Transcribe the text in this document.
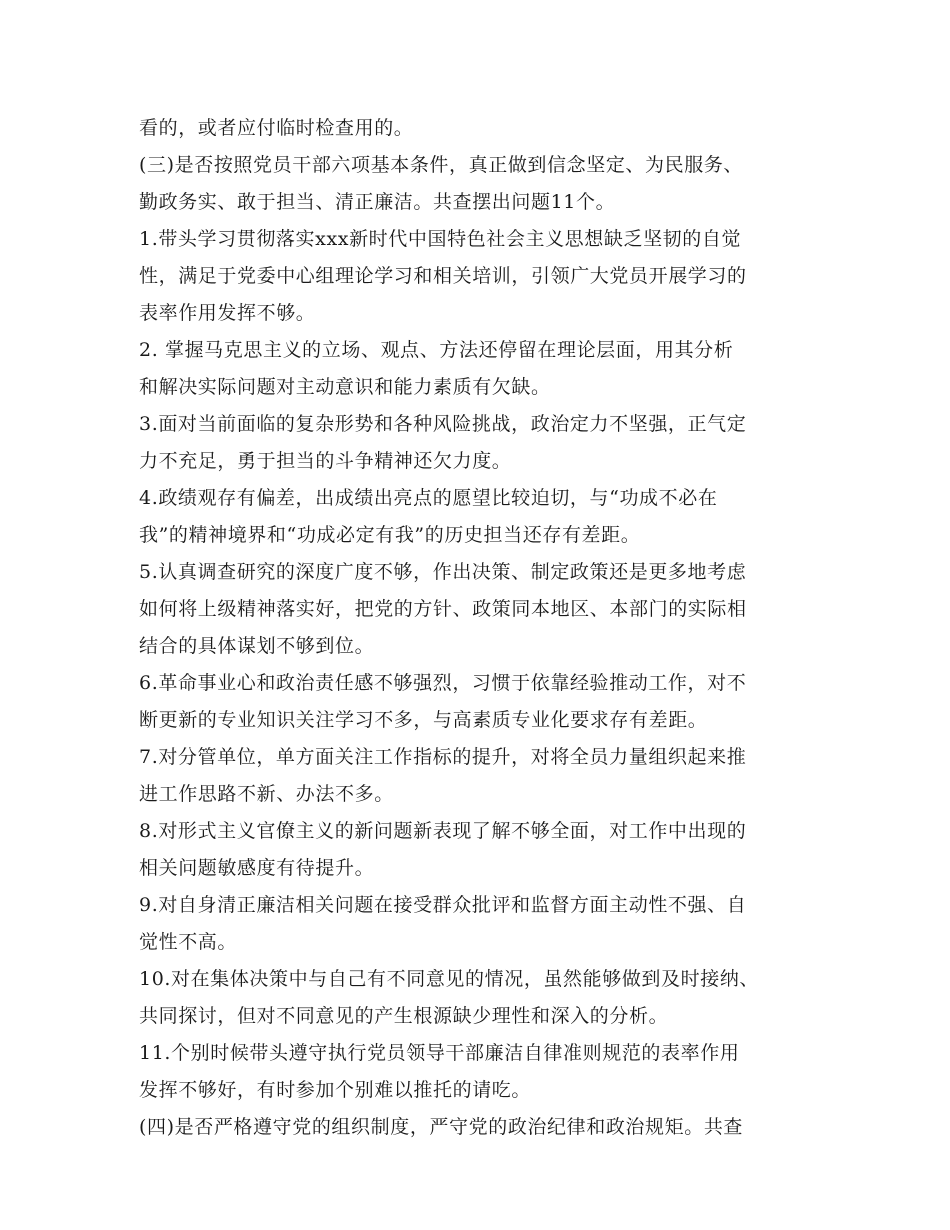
看的，或者应付临时检查用的。
(三)是否按照党员干部六项基本条件，真正做到信念坚定、为民服务、
勤政务实、敢于担当、清正廉洁。共查摆出问题11个。
1.带头学习贯彻落实xxx新时代中国特色社会主义思想缺乏坚韧的自觉
性，满足于党委中心组理论学习和相关培训，引领广大党员开展学习的
表率作用发挥不够。
2. 掌握马克思主义的立场、观点、方法还停留在理论层面，用其分析
和解决实际问题对主动意识和能力素质有欠缺。
3.面对当前面临的复杂形势和各种风险挑战，政治定力不坚强，正气定
力不充足，勇于担当的斗争精神还欠力度。
4.政绩观存有偏差，出成绩出亮点的愿望比较迫切，与“功成不必在
我”的精神境界和“功成必定有我”的历史担当还存有差距。
5.认真调查研究的深度广度不够，作出决策、制定政策还是更多地考虑
如何将上级精神落实好，把党的方针、政策同本地区、本部门的实际相
结合的具体谋划不够到位。
6.革命事业心和政治责任感不够强烈，习惯于依靠经验推动工作，对不
断更新的专业知识关注学习不多，与高素质专业化要求存有差距。
7.对分管单位，单方面关注工作指标的提升，对将全员力量组织起来推
进工作思路不新、办法不多。
8.对形式主义官僚主义的新问题新表现了解不够全面，对工作中出现的
相关问题敏感度有待提升。
9.对自身清正廉洁相关问题在接受群众批评和监督方面主动性不强、自
觉性不高。
10.对在集体决策中与自己有不同意见的情况，虽然能够做到及时接纳、
共同探讨，但对不同意见的产生根源缺少理性和深入的分析。
11.个别时候带头遵守执行党员领导干部廉洁自律准则规范的表率作用
发挥不够好，有时参加个别难以推托的请吃。
(四)是否严格遵守党的组织制度，严守党的政治纪律和政治规矩。共查
